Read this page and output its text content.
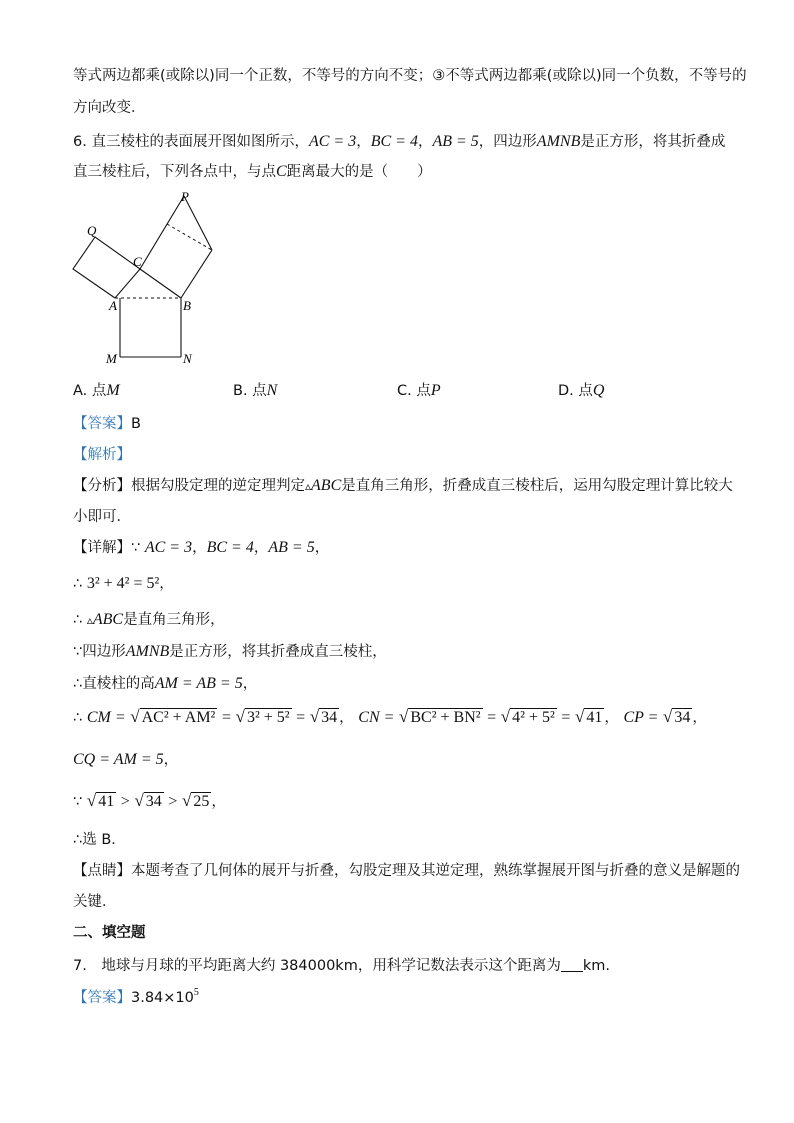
等式两边都乘(或除以)同一个正数，不等号的方向不变；③不等式两边都乘(或除以)同一个负数，不等号的
方向改变．
6. 直三棱柱的表面展开图如图所示，AC = 3，BC = 4，AB = 5，四边形AMNB是正方形，将其折叠成
直三棱柱后，下列各点中，与点C距离最大的是（　　）
P
Q
C
A	B
M	N
A. 点M	B. 点N	C. 点P	D. 点Q
【答案】B
【解析】
【分析】根据勾股定理的逆定理判定▵ABC是直角三角形，折叠成直三棱柱后，运用勾股定理计算比较大
小即可．
【详解】∵ AC = 3，BC = 4，AB = 5，
∴ 3² + 4² = 5²，
∴ ▵ABC是直角三角形，
∵四边形AMNB是正方形，将其折叠成直三棱柱，
∴直棱柱的高AM = AB = 5，
∴ CM = √ AC² + AM² = √ 3² + 5² = √ 34 ， CN = √ BC² + BN² = √ 4² + 5² = √ 41 ， CP = √ 34 ，
CQ = AM = 5，
∵ √ 41 > √ 34 > √ 25 ，
∴选 B．
【点睛】本题考查了几何体的展开与折叠，勾股定理及其逆定理，熟练掌握展开图与折叠的意义是解题的
关键．
二、填空题
7.　地球与月球的平均距离大约 384000km，用科学记数法表示这个距离为 km.
【答案】$3.84\times 10^5$
